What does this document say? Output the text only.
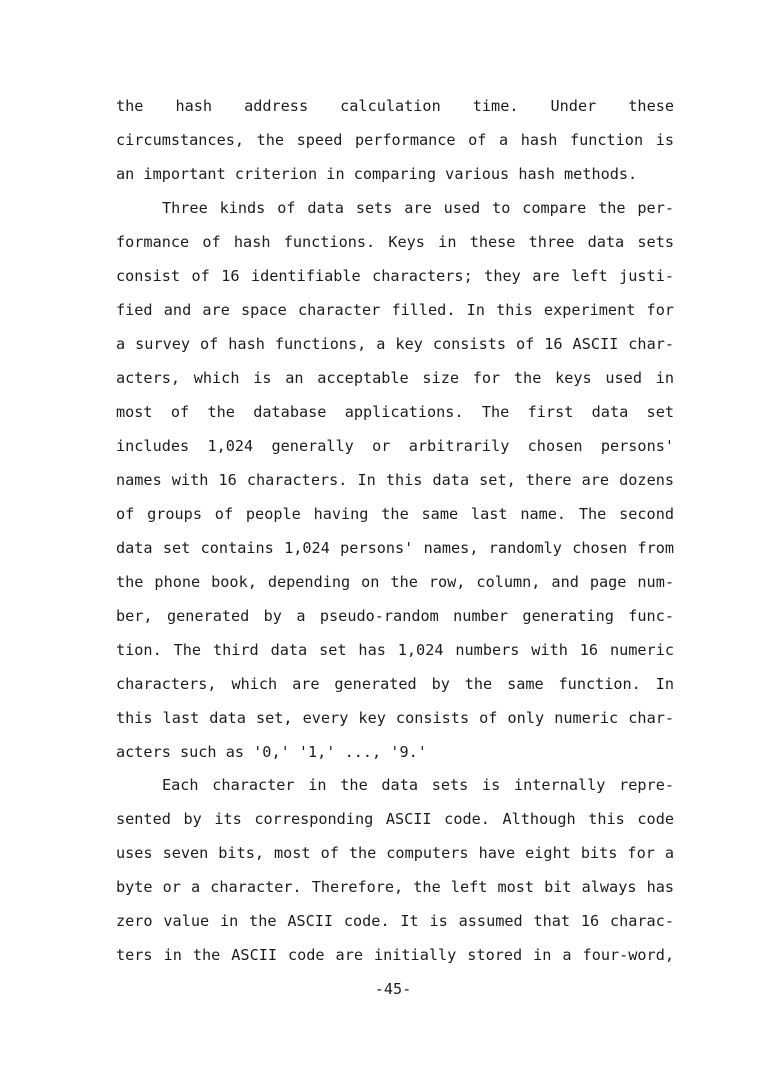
the hash address calculation time. Under these
circumstances, the speed performance of a hash function is
an important criterion in comparing various hash methods.
Three kinds of data sets are used to compare the per-
formance of hash functions. Keys in these three data sets
consist of 16 identifiable characters; they are left justi-
fied and are space character filled. In this experiment for
a survey of hash functions, a key consists of 16 ASCII char-
acters, which is an acceptable size for the keys used in
most of the database applications. The first data set
includes 1,024 generally or arbitrarily chosen persons'
names with 16 characters. In this data set, there are dozens
of groups of people having the same last name. The second
data set contains 1,024 persons' names, randomly chosen from
the phone book, depending on the row, column, and page num-
ber, generated by a pseudo-random number generating func-
tion. The third data set has 1,024 numbers with 16 numeric
characters, which are generated by the same function. In
this last data set, every key consists of only numeric char-
acters such as '0,' '1,' ..., '9.'
Each character in the data sets is internally repre-
sented by its corresponding ASCII code. Although this code
uses seven bits, most of the computers have eight bits for a
byte or a character. Therefore, the left most bit always has
zero value in the ASCII code. It is assumed that 16 charac-
ters in the ASCII code are initially stored in a four-word,
-45-
